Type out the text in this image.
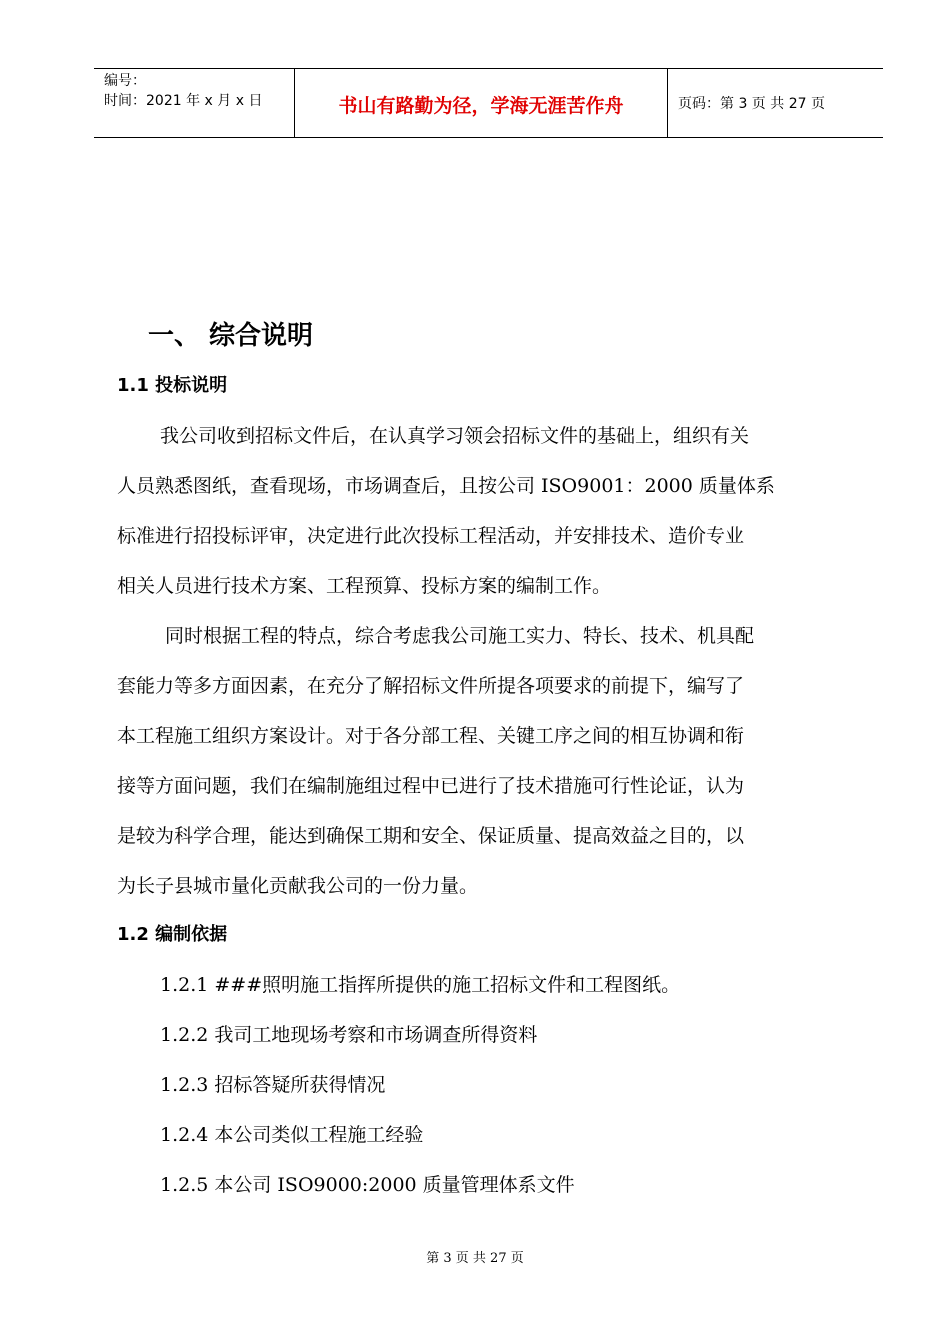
编号：
时间：2021 年 x 月 x 日	书山有路勤为径，学海无涯苦作舟	页码：第 3 页 共 27 页
一、 综合说明
1.1 投标说明
我公司收到招标文件后，在认真学习领会招标文件的基础上，组织有关
人员熟悉图纸，查看现场，市场调查后，且按公司 ISO9001：2000 质量体系
标准进行招投标评审，决定进行此次投标工程活动，并安排技术、造价专业
相关人员进行技术方案、工程预算、投标方案的编制工作。
同时根据工程的特点，综合考虑我公司施工实力、特长、技术、机具配
套能力等多方面因素，在充分了解招标文件所提各项要求的前提下，编写了
本工程施工组织方案设计。对于各分部工程、关键工序之间的相互协调和衔
接等方面问题，我们在编制施组过程中已进行了技术措施可行性论证，认为
是较为科学合理，能达到确保工期和安全、保证质量、提高效益之目的，以
为长子县城市量化贡献我公司的一份力量。
1.2 编制依据
1.2.1 ###照明施工指挥所提供的施工招标文件和工程图纸。
1.2.2 我司工地现场考察和市场调查所得资料
1.2.3 招标答疑所获得情况
1.2.4 本公司类似工程施工经验
1.2.5 本公司 ISO9000:2000 质量管理体系文件
第 3 页 共 27 页
